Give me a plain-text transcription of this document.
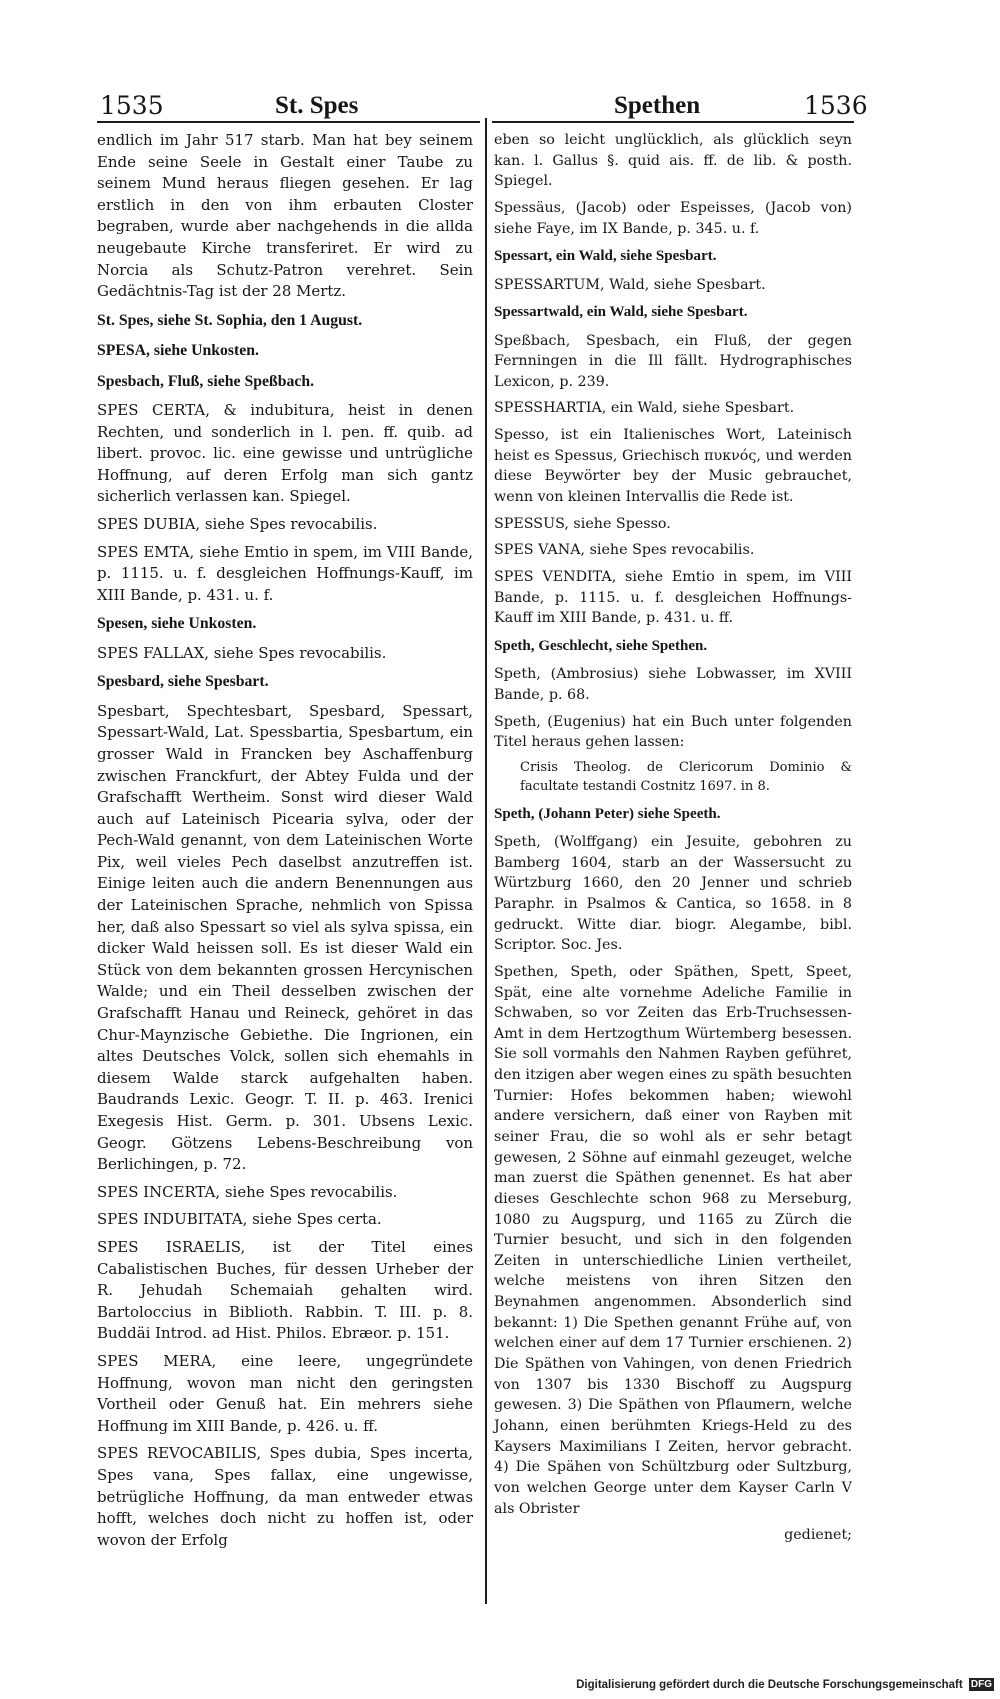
1535	St. Spes	Spethen	1536

endlich im Jahr 517 starb. Man hat bey seinem Ende seine Seele in Gestalt einer Taube zu seinem Mund heraus fliegen gesehen. Er lag erstlich in den von ihm erbauten Closter begraben, wurde aber nachgehends in die allda neugebaute Kirche transferiret. Er wird zu Norcia als Schutz-Patron verehret. Sein Gedächtnis-Tag ist der 28 Mertz.

St. Spes, siehe St. Sophia, den 1 August.

SPESA, siehe Unkosten.

Spesbach, Fluß, siehe Speßbach.

SPES CERTA, & indubitura, heist in denen Rechten, und sonderlich in l. pen. ff. quib. ad libert. provoc. lic. eine gewisse und untrügliche Hoffnung, auf deren Erfolg man sich gantz sicherlich verlassen kan. Spiegel.

SPES DUBIA, siehe Spes revocabilis.

SPES EMTA, siehe Emtio in spem, im VIII Bande, p. 1115. u. f. desgleichen Hoffnungs-Kauff, im XIII Bande, p. 431. u. f.

Spesen, siehe Unkosten.

SPES FALLAX, siehe Spes revocabilis.

Spesbard, siehe Spesbart.

Spesbart, Spechtesbart, Spesbard, Spessart, Spessart-Wald, Lat. Spessbartia, Spesbartum, ein grosser Wald in Francken bey Aschaffenburg zwischen Franckfurt, der Abtey Fulda und der Grafschafft Wertheim. Sonst wird dieser Wald auch auf Lateinisch Picearia sylva, oder der Pech-Wald genannt, von dem Lateinischen Worte Pix, weil vieles Pech daselbst anzutreffen ist. Einige leiten auch die andern Benennungen aus der Lateinischen Sprache, nehmlich von Spissa her, daß also Spessart so viel als sylva spissa, ein dicker Wald heissen soll. Es ist dieser Wald ein Stück von dem bekannten grossen Hercynischen Walde; und ein Theil desselben zwischen der Grafschafft Hanau und Reineck, gehöret in das Chur-Maynzische Gebiethe. Die Ingrionen, ein altes Deutsches Volck, sollen sich ehemahls in diesem Walde starck aufgehalten haben. Baudrands Lexic. Geogr. T. II. p. 463. Irenici Exegesis Hist. Germ. p. 301. Ubsens Lexic. Geogr. Götzens Lebens-Beschreibung von Berlichingen, p. 72.

SPES INCERTA, siehe Spes revocabilis.

SPES INDUBITATA, siehe Spes certa.

SPES ISRAELIS, ist der Titel eines Cabalistischen Buches, für dessen Urheber der R. Jehudah Schemaiah gehalten wird. Bartoloccius in Biblioth. Rabbin. T. III. p. 8. Buddäi Introd. ad Hist. Philos. Ebræor. p. 151.

SPES MERA, eine leere, ungegründete Hoffnung, wovon man nicht den geringsten Vortheil oder Genuß hat. Ein mehrers siehe Hoffnung im XIII Bande, p. 426. u. ff.

SPES REVOCABILIS, Spes dubia, Spes incerta, Spes vana, Spes fallax, eine ungewisse, betrügliche Hoffnung, da man entweder etwas hofft, welches doch nicht zu hoffen ist, oder wovon der Erfolg

eben so leicht unglücklich, als glücklich seyn kan. l. Gallus §. quid ais. ff. de lib. & posth. Spiegel.

Spessäus, (Jacob) oder Espeisses, (Jacob von) siehe Faye, im IX Bande, p. 345. u. f.

Spessart, ein Wald, siehe Spesbart.

SPESSARTUM, Wald, siehe Spesbart.

Spessartwald, ein Wald, siehe Spesbart.

Speßbach, Spesbach, ein Fluß, der gegen Fernningen in die Ill fällt. Hydrographisches Lexicon, p. 239.

SPESSHARTIA, ein Wald, siehe Spesbart.

Spesso, ist ein Italienisches Wort, Lateinisch heist es Spessus, Griechisch πυκνός, und werden diese Beywörter bey der Music gebrauchet, wenn von kleinen Intervallis die Rede ist.

SPESSUS, siehe Spesso.

SPES VANA, siehe Spes revocabilis.

SPES VENDITA, siehe Emtio in spem, im VIII Bande, p. 1115. u. f. desgleichen Hoffnungs-Kauff im XIII Bande, p. 431. u. ff.

Speth, Geschlecht, siehe Spethen.

Speth, (Ambrosius) siehe Lobwasser, im XVIII Bande, p. 68.

Speth, (Eugenius) hat ein Buch unter folgenden Titel heraus gehen lassen:

Crisis Theolog. de Clericorum Dominio & facultate testandi Costnitz 1697. in 8.

Speth, (Johann Peter) siehe Speeth.

Speth, (Wolffgang) ein Jesuite, gebohren zu Bamberg 1604, starb an der Wassersucht zu Würtzburg 1660, den 20 Jenner und schrieb Paraphr. in Psalmos & Cantica, so 1658. in 8 gedruckt. Witte diar. biogr. Alegambe, bibl. Scriptor. Soc. Jes.

Spethen, Speth, oder Späthen, Spett, Speet, Spät, eine alte vornehme Adeliche Familie in Schwaben, so vor Zeiten das Erb-Truchsessen-Amt in dem Hertzogthum Würtemberg besessen. Sie soll vormahls den Nahmen Rayben geführet, den itzigen aber wegen eines zu späth besuchten Turnier: Hofes bekommen haben; wiewohl andere versichern, daß einer von Rayben mit seiner Frau, die so wohl als er sehr betagt gewesen, 2 Söhne auf einmahl gezeuget, welche man zuerst die Späthen genennet. Es hat aber dieses Geschlechte schon 968 zu Merseburg, 1080 zu Augspurg, und 1165 zu Zürch die Turnier besucht, und sich in den folgenden Zeiten in unterschiedliche Linien vertheilet, welche meistens von ihren Sitzen den Beynahmen angenommen. Absonderlich sind bekannt: 1) Die Spethen genannt Frühe auf, von welchen einer auf dem 17 Turnier erschienen. 2) Die Späthen von Vahingen, von denen Friedrich von 1307 bis 1330 Bischoff zu Augspurg gewesen. 3) Die Späthen von Pflaumern, welche Johann, einen berühmten Kriegs-Held zu des Kaysers Maximilians I Zeiten, hervor gebracht. 4) Die Spähen von Schültzburg oder Sultzburg, von welchen George unter dem Kayser Carln V als Obrister

gedienet;

Digitalisierung gefördert durch die Deutsche Forschungsgemeinschaft DFG
